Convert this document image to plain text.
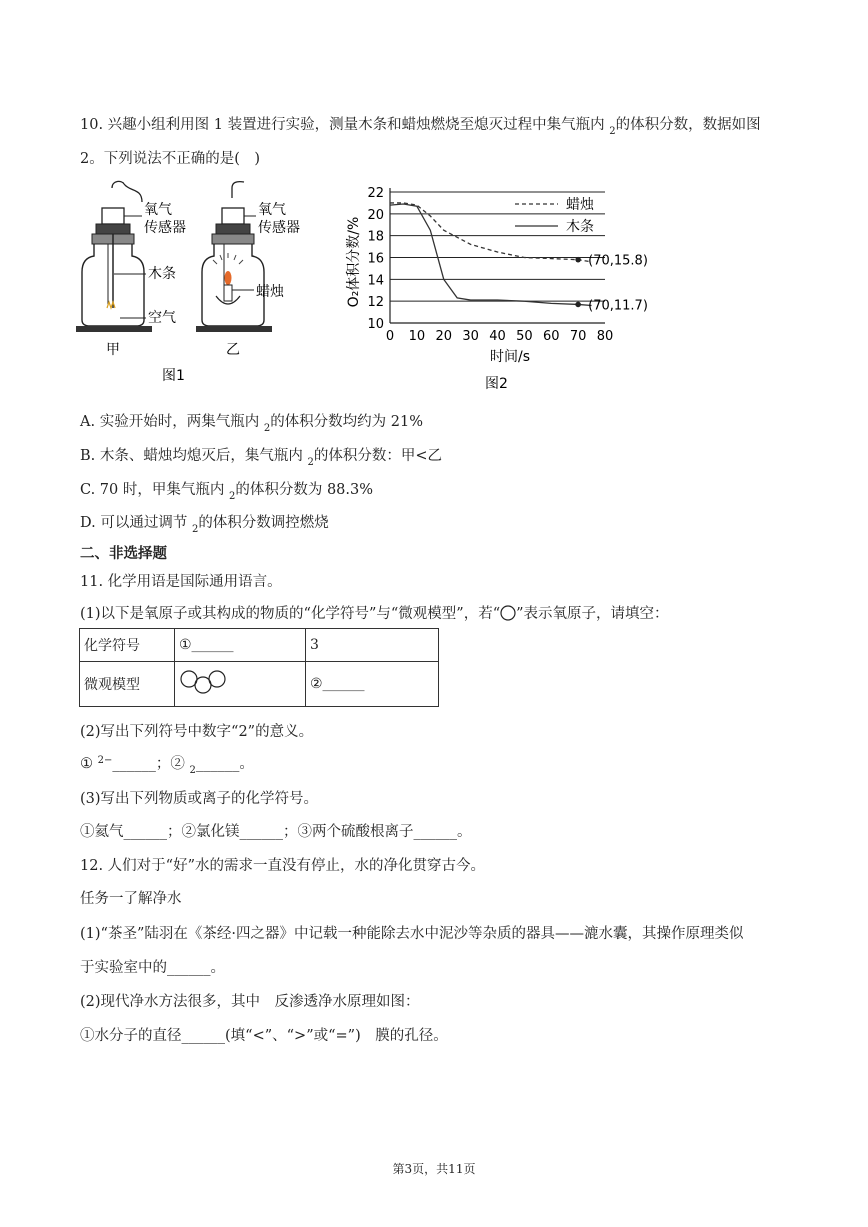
10. 兴趣小组利用图 1 装置进行实验，测量木条和蜡烛燃烧至熄灭过程中集气瓶内 $_2$的体积分数，数据如图
2。下列说法不正确的是(　)
氧气
传感器
木条
空气
氧气
传感器
蜡烛
甲	乙
图1
10
12
14
16
18
20
22
0 10 20 30 40 50 60 70 80
蜡烛
木条
(70,15.8)
(70,11.7)
时间/s
O₂体积分数/%
图2
A. 实验开始时，两集气瓶内 $_2$的体积分数均约为 21%
B. 木条、蜡烛均熄灭后，集气瓶内 $_2$的体积分数：甲<乙
C. 70 时，甲集气瓶内 $_2$的体积分数为 88.3%
D. 可以通过调节 $_2$的体积分数调控燃烧
二、非选择题
11. 化学用语是国际通用语言。
(1)以下是氧原子或其构成的物质的“化学符号”与“微观模型”，若“ ”表示氧原子，请填空：
化学符号	①______	3
微观模型		②______
(2)写出下列符号中数字“2”的意义。
① $^{2-}$______；② $_2$______。
(3)写出下列物质或离子的化学符号。
①氦气______；②氯化镁______；③两个硫酸根离子______。
12. 人们对于“好”水的需求一直没有停止，水的净化贯穿古今。
任务一了解净水
(1)“茶圣”陆羽在《茶经·四之器》中记载一种能除去水中泥沙等杂质的器具——漉水囊，其操作原理类似
于实验室中的______。
(2)现代净水方法很多，其中　反渗透净水原理如图：
①水分子的直径______(填“<”、“>”或“=”)　膜的孔径。
第3页，共11页
